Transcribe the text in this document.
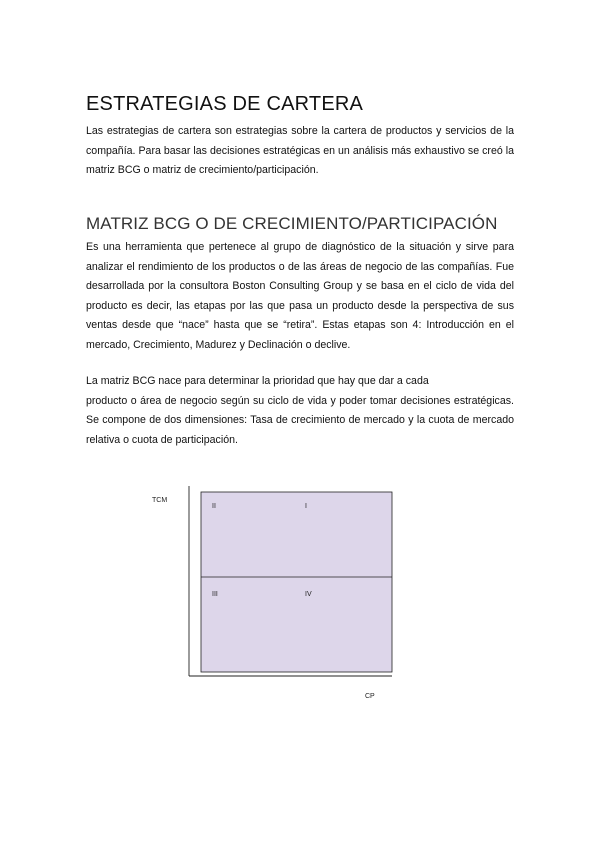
ESTRATEGIAS DE CARTERA

Las estrategias de cartera son estrategias sobre la cartera de productos y servicios de la compañía. Para basar las decisiones estratégicas en un análisis más exhaustivo se creó la matriz BCG o matriz de crecimiento/participación.

MATRIZ BCG O DE CRECIMIENTO/PARTICIPACIÓN

Es una herramienta que pertenece al grupo de diagnóstico de la situación y sirve para analizar el rendimiento de los productos o de las áreas de negocio de las compañías. Fue desarrollada por la consultora Boston Consulting Group y se basa en el ciclo de vida del producto es decir, las etapas por las que pasa un producto desde la perspectiva de sus ventas desde que “nace” hasta que se “retira”. Estas etapas son 4: Introducción en el mercado, Crecimiento, Madurez y Declinación o declive.

La matriz BCG nace para determinar la prioridad que hay que dar a cada
producto o área de negocio según su ciclo de vida y poder tomar decisiones estratégicas. Se compone de dos dimensiones: Tasa de crecimiento de mercado y la cuota de mercado relativa o cuota de participación.

TCM
II	I
III	IV
CP
